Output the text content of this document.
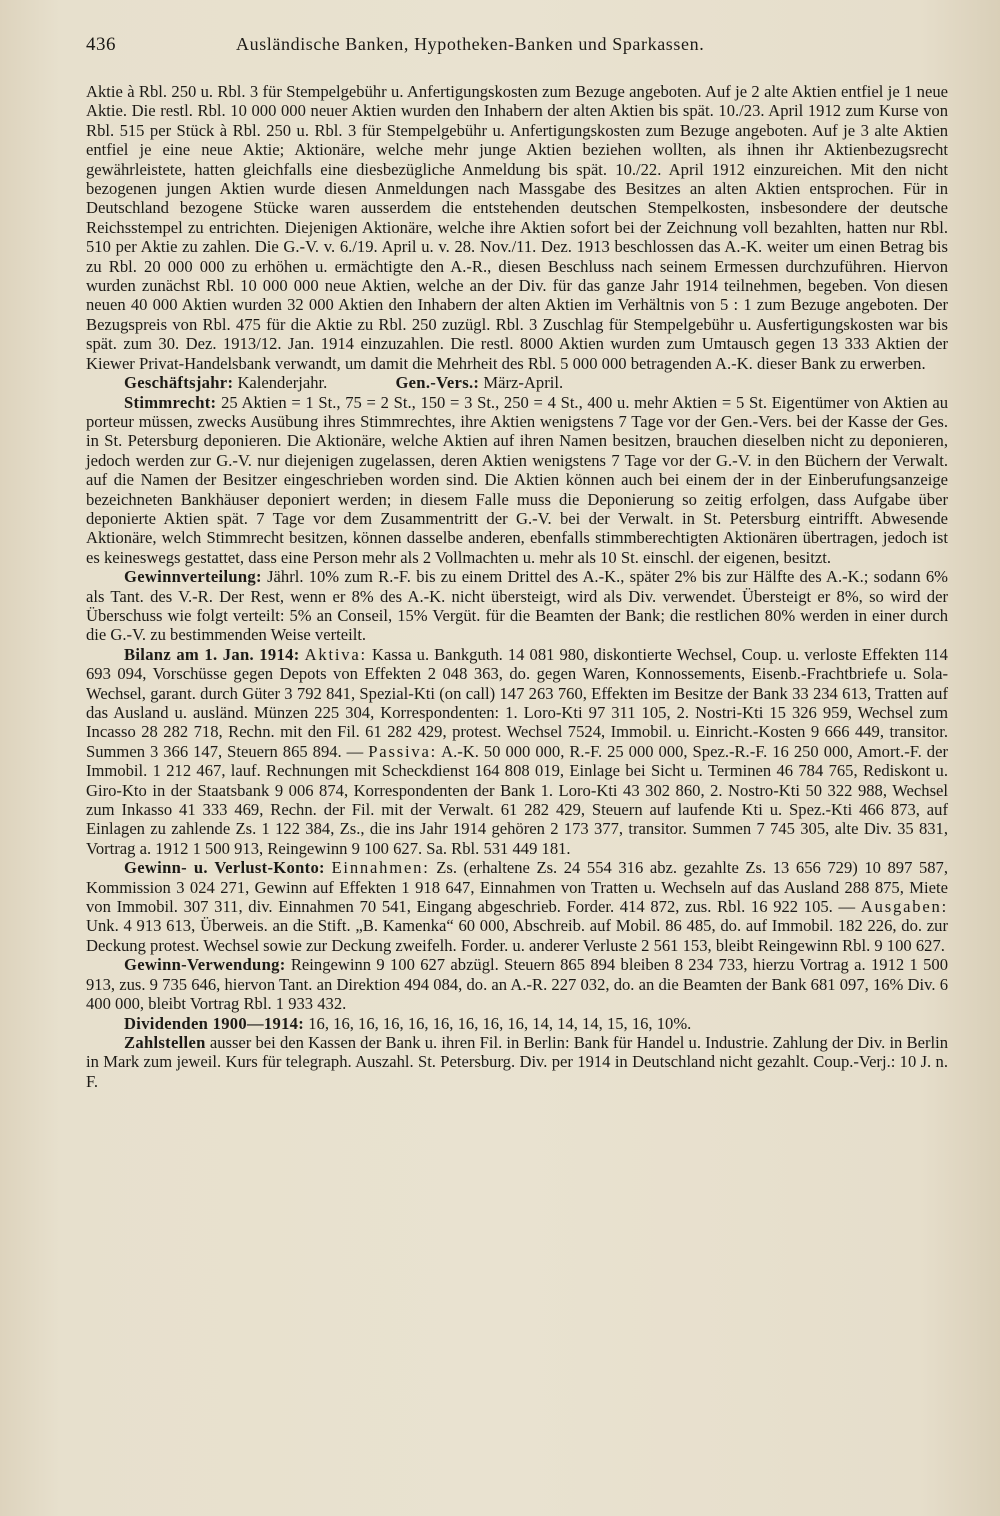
436	Ausländische Banken, Hypotheken-Banken und Sparkassen.

Aktie à Rbl. 250 u. Rbl. 3 für Stempelgebühr u. Anfertigungskosten zum Bezuge angeboten. Auf je 2 alte Aktien entfiel je 1 neue Aktie. Die restl. Rbl. 10 000 000 neuer Aktien wurden den Inhabern der alten Aktien bis spät. 10./23. April 1912 zum Kurse von Rbl. 515 per Stück à Rbl. 250 u. Rbl. 3 für Stempelgebühr u. Anfertigungskosten zum Bezuge angeboten. Auf je 3 alte Aktien entfiel je eine neue Aktie; Aktionäre, welche mehr junge Aktien beziehen wollten, als ihnen ihr Aktienbezugsrecht gewährleistete, hatten gleichfalls eine diesbezügliche Anmeldung bis spät. 10./22. April 1912 einzureichen. Mit den nicht bezogenen jungen Aktien wurde diesen Anmeldungen nach Massgabe des Besitzes an alten Aktien entsprochen. Für in Deutschland bezogene Stücke waren ausserdem die entstehenden deutschen Stempelkosten, insbesondere der deutsche Reichsstempel zu entrichten. Diejenigen Aktionäre, welche ihre Aktien sofort bei der Zeichnung voll bezahlten, hatten nur Rbl. 510 per Aktie zu zahlen. Die G.-V. v. 6./19. April u. v. 28. Nov./11. Dez. 1913 beschlossen das A.-K. weiter um einen Betrag bis zu Rbl. 20 000 000 zu erhöhen u. ermächtigte den A.-R., diesen Beschluss nach seinem Ermessen durchzuführen. Hiervon wurden zunächst Rbl. 10 000 000 neue Aktien, welche an der Div. für das ganze Jahr 1914 teilnehmen, begeben. Von diesen neuen 40 000 Aktien wurden 32 000 Aktien den Inhabern der alten Aktien im Verhältnis von 5 : 1 zum Bezuge angeboten. Der Bezugspreis von Rbl. 475 für die Aktie zu Rbl. 250 zuzügl. Rbl. 3 Zuschlag für Stempelgebühr u. Ausfertigungskosten war bis spät. zum 30. Dez. 1913/12. Jan. 1914 einzuzahlen. Die restl. 8000 Aktien wurden zum Umtausch gegen 13 333 Aktien der Kiewer Privat-Handelsbank verwandt, um damit die Mehrheit des Rbl. 5 000 000 betragenden A.-K. dieser Bank zu erwerben.

Geschäftsjahr: Kalenderjahr.	Gen.-Vers.: März-April.

Stimmrecht: 25 Aktien = 1 St., 75 = 2 St., 150 = 3 St., 250 = 4 St., 400 u. mehr Aktien = 5 St. Eigentümer von Aktien au porteur müssen, zwecks Ausübung ihres Stimmrechtes, ihre Aktien wenigstens 7 Tage vor der Gen.-Vers. bei der Kasse der Ges. in St. Petersburg deponieren. Die Aktionäre, welche Aktien auf ihren Namen besitzen, brauchen dieselben nicht zu deponieren, jedoch werden zur G.-V. nur diejenigen zugelassen, deren Aktien wenigstens 7 Tage vor der G.-V. in den Büchern der Verwalt. auf die Namen der Besitzer eingeschrieben worden sind. Die Aktien können auch bei einem der in der Einberufungsanzeige bezeichneten Bankhäuser deponiert werden; in diesem Falle muss die Deponierung so zeitig erfolgen, dass Aufgabe über deponierte Aktien spät. 7 Tage vor dem Zusammentritt der G.-V. bei der Verwalt. in St. Petersburg eintrifft. Abwesende Aktionäre, welch Stimmrecht besitzen, können dasselbe anderen, ebenfalls stimmberechtigten Aktionären übertragen, jedoch ist es keineswegs gestattet, dass eine Person mehr als 2 Vollmachten u. mehr als 10 St. einschl. der eigenen, besitzt.

Gewinnverteilung: Jährl. 10% zum R.-F. bis zu einem Drittel des A.-K., später 2% bis zur Hälfte des A.-K.; sodann 6% als Tant. des V.-R. Der Rest, wenn er 8% des A.-K. nicht übersteigt, wird als Div. verwendet. Übersteigt er 8%, so wird der Überschuss wie folgt verteilt: 5% an Conseil, 15% Vergüt. für die Beamten der Bank; die restlichen 80% werden in einer durch die G.-V. zu bestimmenden Weise verteilt.

Bilanz am 1. Jan. 1914: Aktiva: Kassa u. Bankguth. 14 081 980, diskontierte Wechsel, Coup. u. verloste Effekten 114 693 094, Vorschüsse gegen Depots von Effekten 2 048 363, do. gegen Waren, Konnossements, Eisenb.-Frachtbriefe u. Sola-Wechsel, garant. durch Güter 3 792 841, Spezial-Kti (on call) 147 263 760, Effekten im Besitze der Bank 33 234 613, Tratten auf das Ausland u. ausländ. Münzen 225 304, Korrespondenten: 1. Loro-Kti 97 311 105, 2. Nostri-Kti 15 326 959, Wechsel zum Incasso 28 282 718, Rechn. mit den Fil. 61 282 429, protest. Wechsel 7524, Immobil. u. Einricht.-Kosten 9 666 449, transitor. Summen 3 366 147, Steuern 865 894. — Passiva: A.-K. 50 000 000, R.-F. 25 000 000, Spez.-R.-F. 16 250 000, Amort.-F. der Immobil. 1 212 467, lauf. Rechnungen mit Scheckdienst 164 808 019, Einlage bei Sicht u. Terminen 46 784 765, Rediskont u. Giro-Kto in der Staatsbank 9 006 874, Korrespondenten der Bank 1. Loro-Kti 43 302 860, 2. Nostro-Kti 50 322 988, Wechsel zum Inkasso 41 333 469, Rechn. der Fil. mit der Verwalt. 61 282 429, Steuern auf laufende Kti u. Spez.-Kti 466 873, auf Einlagen zu zahlende Zs. 1 122 384, Zs., die ins Jahr 1914 gehören 2 173 377, transitor. Summen 7 745 305, alte Div. 35 831, Vortrag a. 1912 1 500 913, Reingewinn 9 100 627. Sa. Rbl. 531 449 181.

Gewinn- u. Verlust-Konto: Einnahmen: Zs. (erhaltene Zs. 24 554 316 abz. gezahlte Zs. 13 656 729) 10 897 587, Kommission 3 024 271, Gewinn auf Effekten 1 918 647, Einnahmen von Tratten u. Wechseln auf das Ausland 288 875, Miete von Immobil. 307 311, div. Einnahmen 70 541, Eingang abgeschrieb. Forder. 414 872, zus. Rbl. 16 922 105. — Ausgaben: Unk. 4 913 613, Überweis. an die Stift. „B. Kamenka“ 60 000, Abschreib. auf Mobil. 86 485, do. auf Immobil. 182 226, do. zur Deckung protest. Wechsel sowie zur Deckung zweifelh. Forder. u. anderer Verluste 2 561 153, bleibt Reingewinn Rbl. 9 100 627.

Gewinn-Verwendung: Reingewinn 9 100 627 abzügl. Steuern 865 894 bleiben 8 234 733, hierzu Vortrag a. 1912 1 500 913, zus. 9 735 646, hiervon Tant. an Direktion 494 084, do. an A.-R. 227 032, do. an die Beamten der Bank 681 097, 16% Div. 6 400 000, bleibt Vortrag Rbl. 1 933 432.

Dividenden 1900—1914: 16, 16, 16, 16, 16, 16, 16, 16, 16, 14, 14, 14, 15, 16, 10%.

Zahlstellen ausser bei den Kassen der Bank u. ihren Fil. in Berlin: Bank für Handel u. Industrie. Zahlung der Div. in Berlin in Mark zum jeweil. Kurs für telegraph. Auszahl. St. Petersburg. Div. per 1914 in Deutschland nicht gezahlt. Coup.-Verj.: 10 J. n. F.
